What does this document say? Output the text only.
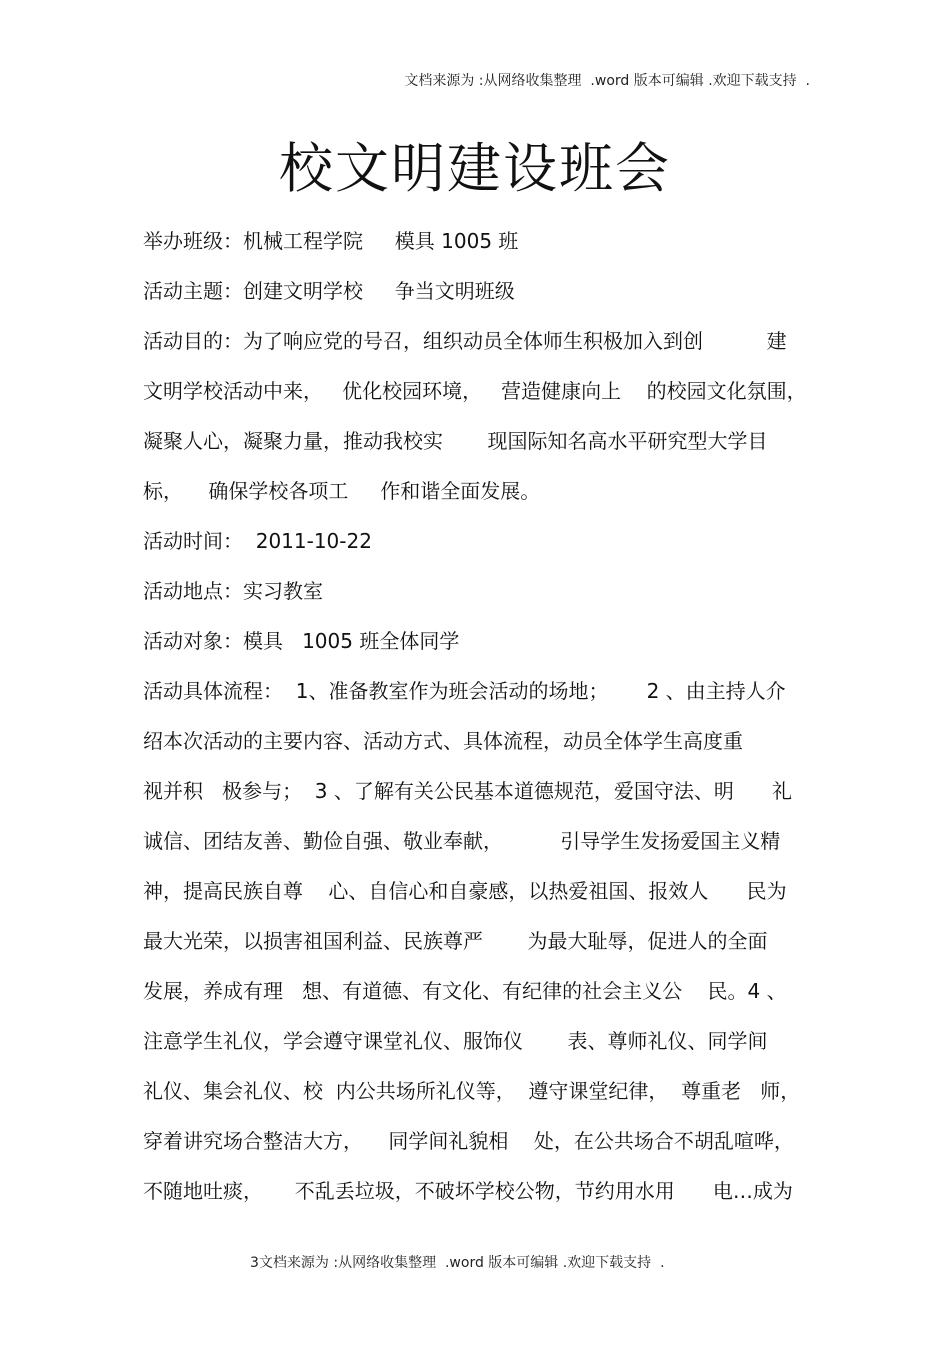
文档来源为 :从网络收集整理  .word 版本可编辑 .欢迎下载支持  .
校文明建设班会
举办班级：机械工程学院     模具 1005 班
活动主题：创建文明学校     争当文明班级
活动目的：为了响应党的号召，组织动员全体师生积极加入到创          建
文明学校活动中来，   优化校园环境，   营造健康向上    的校园文化氛围，
凝聚人心，凝聚力量，推动我校实       现国际知名高水平研究型大学目
标，    确保学校各项工     作和谐全面发展。
活动时间：  2011-10-22
活动地点：实习教室
活动对象：模具   1005 班全体同学
活动具体流程：  1、准备教室作为班会活动的场地；      2 、由主持人介
绍本次活动的主要内容、活动方式、具体流程，动员全体学生高度重
视并积   极参与；  3 、了解有关公民基本道德规范，爱国守法、明      礼
诚信、团结友善、勤俭自强、敬业奉献，         引导学生发扬爱国主义精
神，提高民族自尊    心、自信心和自豪感，以热爱祖国、报效人      民为
最大光荣，以损害祖国利益、民族尊严       为最大耻辱，促进人的全面
发展，养成有理   想、有道德、有文化、有纪律的社会主义公    民。4 、
注意学生礼仪，学会遵守课堂礼仪、服饰仪       表、尊师礼仪、同学间
礼仪、集会礼仪、校  内公共场所礼仪等，  遵守课堂纪律，  尊重老   师，
穿着讲究场合整洁大方，    同学间礼貌相    处，在公共场合不胡乱喧哗，
不随地吐痰，     不乱丢垃圾，不破坏学校公物，节约用水用      电…成为
3文档来源为 :从网络收集整理  .word 版本可编辑 .欢迎下载支持  .
